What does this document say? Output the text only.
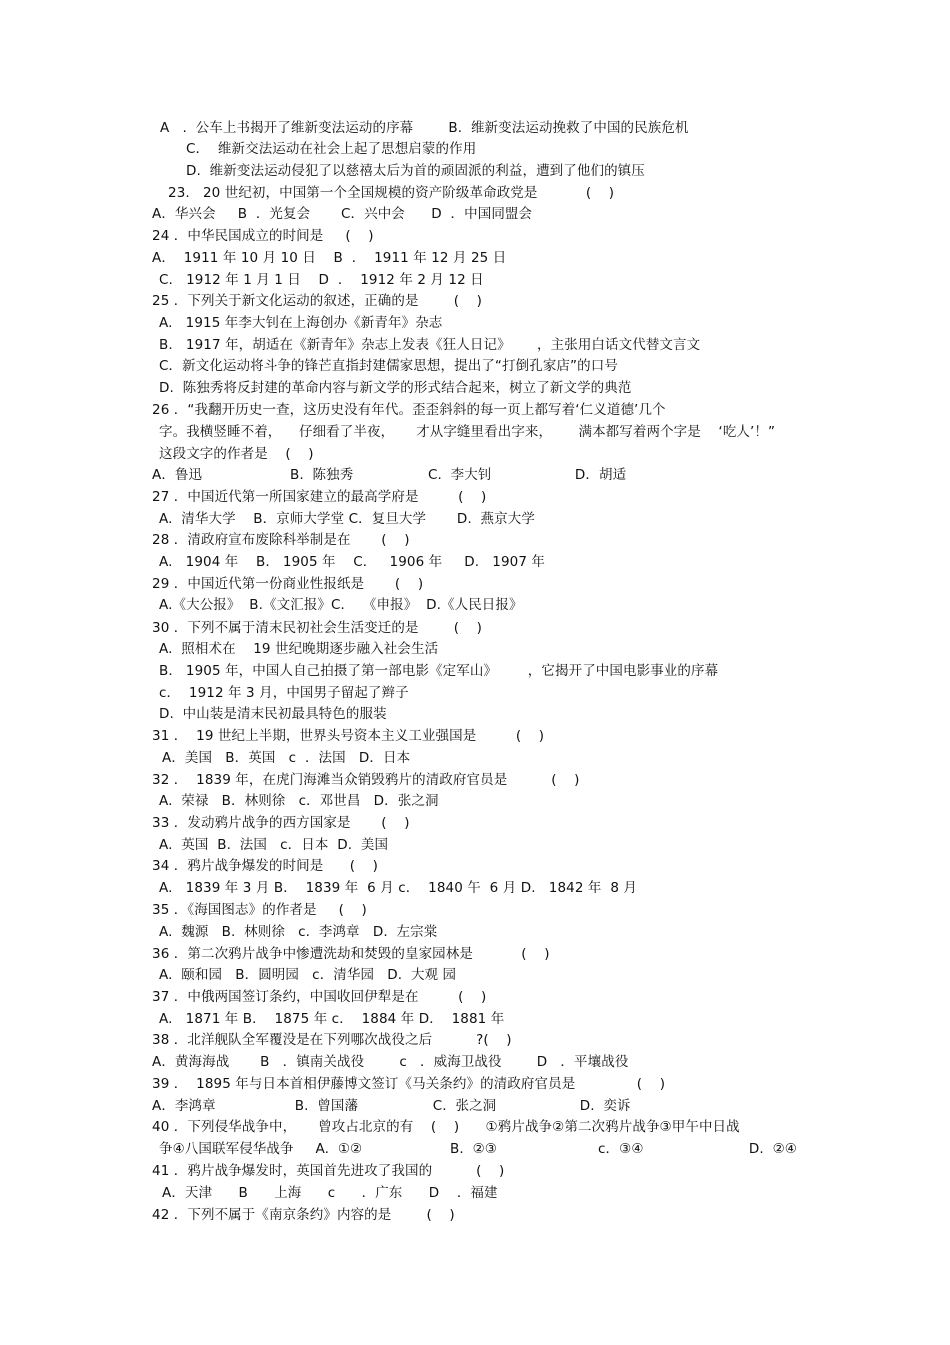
A   .  公车上书揭开了维新变法运动的序幕        B.  维新变法运动挽救了中国的民族危机
C．  维新交法运动在社会上起了思想启蒙的作用
D.  维新变法运动侵犯了以慈禧太后为首的顽固派的利益，遭到了他们的镇压
23.   20 世纪初，中国第一个全国规模的资产阶级革命政党是           (    )
A．华兴会     B  ．光复会       C．兴中会      D  ．中国同盟会
24 ．中华民国成立的时间是     (    )
A．  1911 年 10 月 10 日    B  ．  1911 年 12 月 25 日
C.   1912 年 1 月 1 日    D  ．  1912 年 2 月 12 日
25 ．下列关于新文化运动的叙述，正确的是        (    )
A.   1915 年李大钊在上海创办《新青年》杂志
B.   1917 年，胡适在《新青年》杂志上发表《狂人日记》      ，主张用白话文代替文言文
C．新文化运动将斗争的锋芒直指封建儒家思想，提出了“打倒孔家店”的口号
D.  陈独秀将反封建的革命内容与新文学的形式结合起来，树立了新文学的典范
26 ．“我翻开历史一查，这历史没有年代。歪歪斜斜的每一页上都写着‘仁义道德’几个
字。我横竖睡不着，    仔细看了半夜，     才从字缝里看出字来，      满本都写着两个字是    ‘吃人’！”
这段文字的作者是    (    )
A．鲁迅                    B.  陈独秀                 C.  李大钊                   D．胡适
27 ．中国近代第一所国家建立的最高学府是         (    )
A.  清华大学    B．京师大学堂 C．复旦大学       D.  燕京大学
28 ．清政府宣布废除科举制是在       (    )
A.   1904 年    B.   1905 年    C．   1906 年     D.   1907 年
29 ．中国近代第一份商业性报纸是       (    )
A.《大公报》  B.《文汇报》C．  《申报》  D.《人民日报》
30 ．下列不属于清末民初社会生活变迁的是        (    )
A.  照相术在    19 世纪晚期逐步融入社会生活
B.   1905 年，中国人自己拍摄了第一部电影《定军山》       ，它揭开了中国电影事业的序幕
c．  1912 年 3 月，中国男子留起了辫子
D.  中山装是清末民初最具特色的服装
31 ．  19 世纪上半期，世界头号资本主义工业强国是         (    )
A．美国   B．英国   c  ．法国   D．日本
32 ．  1839 年，在虎门海滩当众销毁鸦片的清政府官员是          (    )
A.  荣禄   B．林则徐   c．邓世昌   D．张之洞
33 ．发动鸦片战争的西方国家是       (    )
A.  英国  B.  法国   c．日本  D.  美国
34 ．鸦片战争爆发的时间是      (    )
A.   1839 年 3 月 B．  1839 年  6 月 c．  1840 午  6 月 D.   1842 年  8 月
35 ．《海国图志》的作者是     (    )
A.  魏源   B.  林则徐   c.  李鸿章   D.  左宗棠
36 ．第二次鸦片战争中惨遭洗劫和焚毁的皇家园林是           (    )
A.  颐和园   B．圆明园   c．清华园   D.  大观 园
37 ．中俄两国签订条约，中国收回伊犁是在         (    )
A.   1871 年 B．  1875 年 c．  1884 年 D．  1881 年
38 ．北洋舰队全军覆没是在下列哪次战役之后          ?(    )
A．黄海海战       B   ．镇南关战役        c   ．威海卫战役        D   ．平壤战役
39 ．  1895 年与日本首相伊藤博文签订《马关条约》的清政府官员是              (    )
A．李鸿章                  B.  曾国藩                 C.  张之洞                   D.  奕诉
40 ．下列侵华战争中，     曾攻占北京的有    (    )      ①鸦片战争②第二次鸦片战争③甲午中日战
争④八国联军侵华战争     A.  ①②                    B.  ②③                       c．③④                        D.  ②④
41 ．鸦片战争爆发时，英国首先进攻了我国的          (    )
A．天津      B      上海      c      ．广东      D    ．福建
42 ．下列不属于《南京条约》内容的是        (    )
